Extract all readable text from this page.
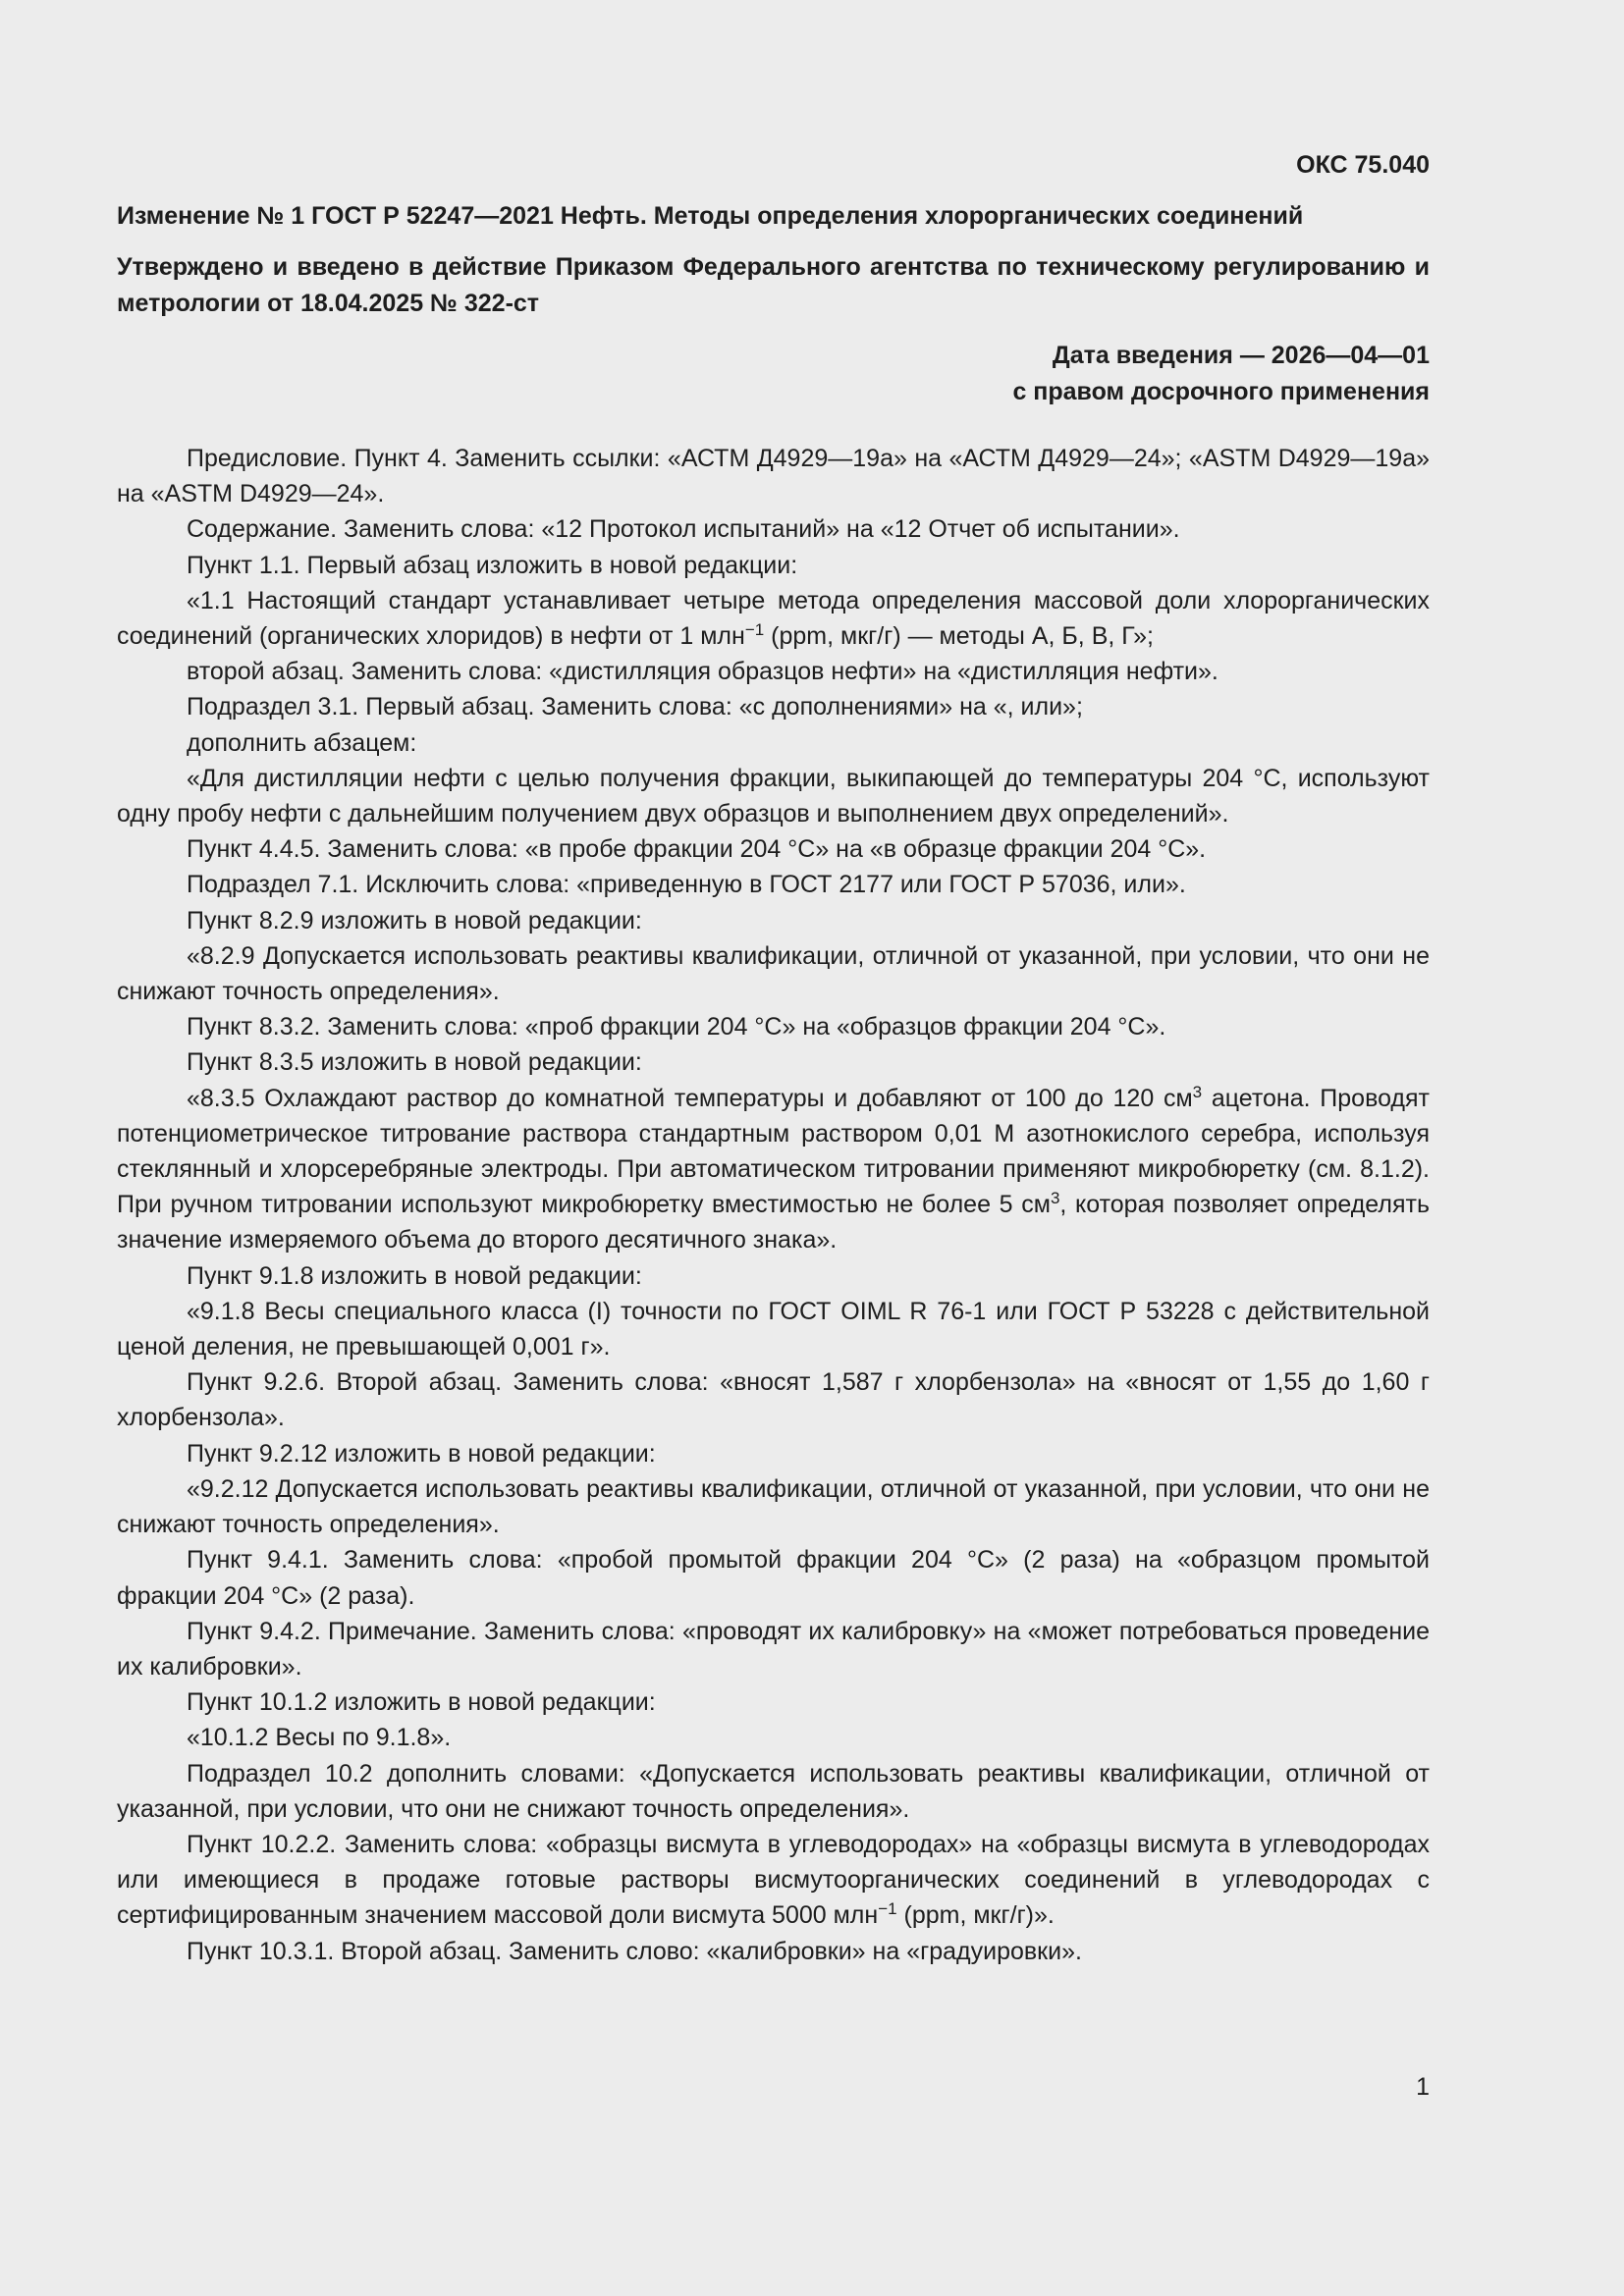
ОКС 75.040
Изменение № 1 ГОСТ Р 52247—2021 Нефть. Методы определения хлорорганических соединений
Утверждено и введено в действие Приказом Федерального агентства по техническому регулированию и метрологии от 18.04.2025 № 322-ст
Дата введения — 2026—04—01
с правом досрочного применения

Предисловие. Пункт 4. Заменить ссылки: «АСТМ Д4929—19а» на «АСТМ Д4929—24»; «ASTM D4929—19a» на «ASTM D4929—24».

Содержание. Заменить слова: «12 Протокол испытаний» на «12 Отчет об испытании».

Пункт 1.1. Первый абзац изложить в новой редакции:

«1.1 Настоящий стандарт устанавливает четыре метода определения массовой доли хлорорганических соединений (органических хлоридов) в нефти от 1 млн$^{-1}$ (ppm, мкг/г) — методы А, Б, В, Г»;

второй абзац. Заменить слова: «дистилляция образцов нефти» на «дистилляция нефти».

Подраздел 3.1. Первый абзац. Заменить слова: «с дополнениями» на «, или»;

дополнить абзацем:

«Для дистилляции нефти с целью получения фракции, выкипающей до температуры 204 °С, используют одну пробу нефти с дальнейшим получением двух образцов и выполнением двух определений».

Пункт 4.4.5. Заменить слова: «в пробе фракции 204 °С» на «в образце фракции 204 °С».

Подраздел 7.1. Исключить слова: «приведенную в ГОСТ 2177 или ГОСТ Р 57036, или».

Пункт 8.2.9 изложить в новой редакции:

«8.2.9 Допускается использовать реактивы квалификации, отличной от указанной, при условии, что они не снижают точность определения».

Пункт 8.3.2. Заменить слова: «проб фракции 204 °С» на «образцов фракции 204 °С».

Пункт 8.3.5 изложить в новой редакции:

«8.3.5 Охлаждают раствор до комнатной температуры и добавляют от 100 до 120 $см^3$ ацетона. Проводят потенциометрическое титрование раствора стандартным раствором 0,01 М азотнокислого серебра, используя стеклянный и хлорсеребряные электроды. При автоматическом титровании применяют микробюретку (см. 8.1.2). При ручном титровании используют микробюретку вместимостью не более 5 $см^3$, которая позволяет определять значение измеряемого объема до второго десятичного знака».

Пункт 9.1.8 изложить в новой редакции:

«9.1.8 Весы специального класса (I) точности по ГОСТ OIML R 76-1 или ГОСТ Р 53228 с действительной ценой деления, не превышающей 0,001 г».

Пункт 9.2.6. Второй абзац. Заменить слова: «вносят 1,587 г хлорбензола» на «вносят от 1,55 до 1,60 г хлорбензола».

Пункт 9.2.12 изложить в новой редакции:

«9.2.12 Допускается использовать реактивы квалификации, отличной от указанной, при условии, что они не снижают точность определения».

Пункт 9.4.1. Заменить слова: «пробой промытой фракции 204 °С» (2 раза) на «образцом промытой фракции 204 °С» (2 раза).

Пункт 9.4.2. Примечание. Заменить слова: «проводят их калибровку» на «может потребоваться проведение их калибровки».

Пункт 10.1.2 изложить в новой редакции:

«10.1.2 Весы по 9.1.8».

Подраздел 10.2 дополнить словами: «Допускается использовать реактивы квалификации, отличной от указанной, при условии, что они не снижают точность определения».

Пункт 10.2.2. Заменить слова: «образцы висмута в углеводородах» на «образцы висмута в углеводородах или имеющиеся в продаже готовые растворы висмутоорганических соединений в углеводородах с сертифицированным значением массовой доли висмута 5000 млн$^{-1}$ (ppm, мкг/г)».

Пункт 10.3.1. Второй абзац. Заменить слово: «калибровки» на «градуировки».

1
